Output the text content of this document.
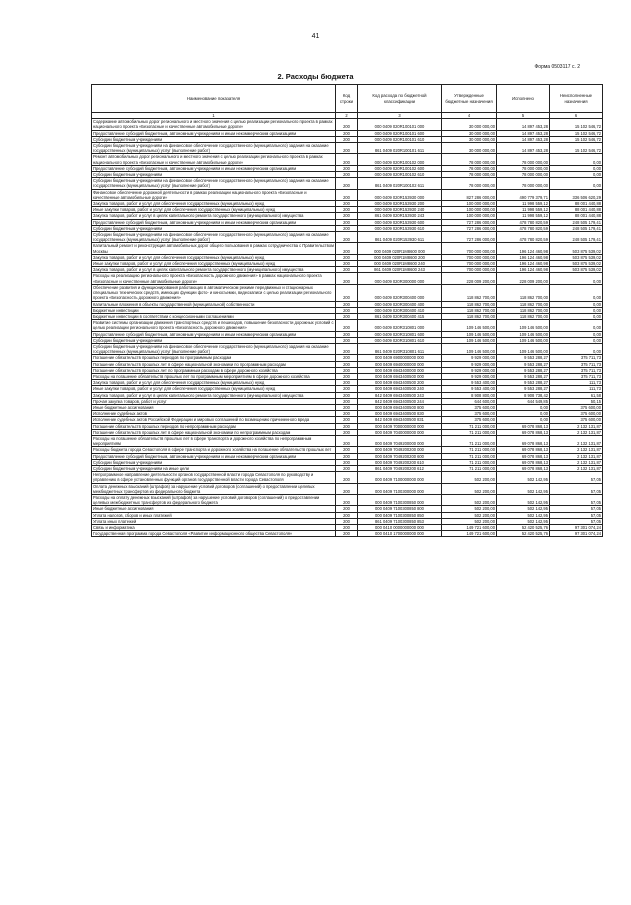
41
Форма 0503117 с. 2
2. Расходы бюджета
Наименование показателя	Код строки	Код расхода по бюджетной классификации	Утвержденные бюджетные назначения	Исполнено	Неисполненные назначения
1	2	3	4	5	6
Содержание автомобильных дорог регионального и местного значения с целью реализации регионального проекта в рамках национального проекта «Безопасные и качественные автомобильные дороги»	200	000 0409 020R100101 000	30 000 000,00	14 897 453,28	15 102 546,72
Предоставление субсидий бюджетным, автономным учреждениям и иным некоммерческим организациям	200	000 0409 020R100101 600	30 000 000,00	14 897 453,28	15 102 546,72
Субсидии бюджетным учреждениям	200	000 0409 020R100101 610	30 000 000,00	14 897 453,28	15 102 546,72
Субсидии бюджетным учреждениям на финансовое обеспечение государственного (муниципального) задания на оказание государственных (муниципальных) услуг (выполнение работ)	200	861 0409 020R100101 611	30 000 000,00	14 897 453,28	15 102 546,72
Ремонт автомобильных дорог регионального и местного значения с целью реализации регионального проекта в рамках национального проекта «Безопасные и качественные автомобильные дороги»	200	000 0409 020R100102 000	78 000 000,00	78 000 000,00	0,00
Предоставление субсидий бюджетным, автономным учреждениям и иным некоммерческим организациям	200	000 0409 020R100102 600	78 000 000,00	78 000 000,00	0,00
Субсидии бюджетным учреждениям	200	000 0409 020R100102 610	78 000 000,00	78 000 000,00	0,00
Субсидии бюджетным учреждениям на финансовое обеспечение государственного (муниципального) задания на оказание государственных (муниципальных) услуг (выполнение работ)	200	861 0409 020R100102 611	78 000 000,00	78 000 000,00	0,00
Финансовое обеспечение дорожной деятельности в рамках реализации национального проекта «Безопасные и качественные автомобильные дороги»	200	000 0409 020R153930 000	827 286 000,00	490 779 379,71	336 506 620,29
Закупка товаров, работ и услуг для обеспечения государственных (муниципальных) нужд	200	000 0409 020R153930 200	100 000 000,00	11 998 559,12	88 001 440,88
Иные закупки товаров, работ и услуг для обеспечения государственных (муниципальных) нужд	200	000 0409 020R153930 240	100 000 000,00	11 998 559,12	88 001 440,88
Закупка товаров, работ и услуг в целях капитального ремонта государственного (муниципального) имущества	200	861 0409 020R153930 243	100 000 000,00	11 998 559,12	88 001 440,88
Предоставление субсидий бюджетным, автономным учреждениям и иным некоммерческим организациям	200	000 0409 020R153930 600	727 286 000,00	478 780 820,59	248 505 179,41
Субсидии бюджетным учреждениям	200	000 0409 020R153930 610	727 286 000,00	478 780 820,59	248 505 179,41
Субсидии бюджетным учреждениям на финансовое обеспечение государственного (муниципального) задания на оказание государственных (муниципальных) услуг (выполнение работ)	200	861 0409 020R153930 611	727 286 000,00	478 780 820,59	248 505 179,41
Капитальный ремонт и реконструкция автомобильных дорог общего пользования в рамках сотрудничества с Правительством Москвы	200	000 0409 020R1M8600 000	700 000 000,00	196 124 460,98	503 875 539,02
Закупка товаров, работ и услуг для обеспечения государственных (муниципальных) нужд	200	000 0409 020R1M8600 200	700 000 000,00	196 124 460,98	503 875 539,02
Иные закупки товаров, работ и услуг для обеспечения государственных (муниципальных) нужд	200	000 0409 020R1M8600 240	700 000 000,00	196 124 460,98	503 875 539,02
Закупка товаров, работ и услуг в целях капитального ремонта государственного (муниципального) имущества	200	861 0409 020R1M8600 243	700 000 000,00	196 124 460,98	503 875 539,02
Расходы на реализацию регионального проекта «Безопасность дорожного движения» в рамках национального проекта «Безопасные и качественные автомобильные дороги»	200	000 0409 020R300000 000	228 009 200,00	228 009 200,00	0,00
Обеспечение развития и функционирования работающих в автоматическом режиме передвижных и стационарных специальных технических средств, имеющих функции фото- и киносъемки, видеозаписи с целью реализации регионального проекта «Безопасность дорожного движения»	200	000 0409 020R300400 000	118 862 700,00	118 862 700,00	0,00
Капитальные вложения в объекты государственной (муниципальной) собственности	200	000 0409 020R300400 400	118 862 700,00	118 862 700,00	0,00
Бюджетные инвестиции	200	000 0409 020R300400 410	118 862 700,00	118 862 700,00	0,00
Бюджетные инвестиции в соответствии с концессионными соглашениями	200	861 0409 020R300400 415	118 862 700,00	118 862 700,00	0,00
Развитие системы организации движения транспортных средств и пешеходов, повышение безопасности дорожных условий с целью реализации регионального проекта «Безопасность дорожного движения»	200	000 0409 020R310801 000	109 146 500,00	109 146 500,00	0,00
Предоставление субсидий бюджетным, автономным учреждениям и иным некоммерческим организациям	200	000 0409 020R310801 600	109 146 500,00	109 146 500,00	0,00
Субсидии бюджетным учреждениям	200	000 0409 020R310801 610	109 146 500,00	109 146 500,00	0,00
Субсидии бюджетным учреждениям на финансовое обеспечение государственного (муниципального) задания на оказание государственных (муниципальных) услуг (выполнение работ)	200	861 0409 020R310801 611	109 146 500,00	109 146 500,00	0,00
Погашение обязательств прошлых периодов по программным расходам	200	000 0409 6900000000 000	9 929 000,00	9 553 288,27	375 711,73
Погашение обязательств прошлых лет в сфере национальной экономики по программным расходам	200	000 0409 6940000000 000	9 929 000,00	9 553 288,27	375 711,73
Погашение обязательств прошлых лет по программным расходам в сфере дорожного хозяйства	200	000 0409 6943400000 000	9 929 000,00	9 553 288,27	375 711,73
Расходы на погашение обязательств прошлых лет по программным мероприятиям в сфере дорожного хозяйства	200	000 0409 6943400500 000	9 929 000,00	9 553 288,27	375 711,73
Закупка товаров, работ и услуг для обеспечения государственных (муниципальных) нужд	200	000 0409 6943400500 200	9 553 400,00	9 553 288,27	111,73
Иные закупки товаров, работ и услуг для обеспечения государственных (муниципальных) нужд	200	000 0409 6943400500 240	9 553 400,00	9 553 288,27	111,73
Закупка товаров, работ и услуг в целях капитального ремонта государственного (муниципального) имущества	200	842 0409 6943400500 243	8 908 800,00	8 908 738,42	61,58
Прочая закупка товаров, работ и услуг	200	842 0409 6943400500 244	644 600,00	644 549,85	50,15
Иные бюджетные ассигнования	200	000 0409 6943400500 800	375 600,00	0,00	375 600,00
Исполнение судебных актов	200	000 0409 6943400500 830	375 600,00	0,00	375 600,00
Исполнение судебных актов Российской Федерации и мировых соглашений по возмещению причиненного вреда	200	842 0409 6943400500 831	375 600,00	0,00	375 600,00
Погашение обязательств прошлых периодов по непрограммным расходам	200	000 0409 7000000000 000	71 211 000,00	69 078 868,13	2 132 131,87
Погашение обязательств прошлых лет в сфере национальной экономики по непрограммным расходам	200	000 0409 7040000000 000	71 211 000,00	69 078 868,13	2 132 131,87
Расходы на погашение обязательств прошлых лет в сфере транспорта и дорожного хозяйства по непрограммным мероприятиям	200	000 0409 7049200000 000	71 211 000,00	69 078 868,13	2 132 131,87
Расходы бюджета города Севастополя в сфере транспорта и дорожного хозяйства на погашение обязательств прошлых лет	200	000 0409 7049200200 000	71 211 000,00	69 078 868,13	2 132 131,87
Предоставление субсидий бюджетным, автономным учреждениям и иным некоммерческим организациям	200	000 0409 7049200200 600	71 211 000,00	69 078 868,13	2 132 131,87
Субсидии бюджетным учреждениям	200	000 0409 7049200200 610	71 211 000,00	69 078 868,13	2 132 131,87
Субсидии бюджетным учреждениям на иные цели	200	861 0409 7049200200 612	71 211 000,00	69 078 868,13	2 132 131,87
Непрограммное направление деятельности органов государственной власти города Севастополя по руководству и управлению в сфере установленных функций органов государственной власти города Севастополя	200	000 0409 7100000000 000	502 200,00	502 142,95	57,05
Оплата денежных взысканий (штрафов) за нарушение условий договоров (соглашений) о предоставлении целевых межбюджетных трансфертов из федерального бюджета	200	000 0409 7100300000 000	502 200,00	502 142,95	57,05
Расходы на оплату денежных взысканий (штрафов) за нарушение условий договоров (соглашений) о предоставлении целевых межбюджетных трансфертов из федерального бюджета	200	000 0409 7100300850 000	502 200,00	502 142,95	57,05
Иные бюджетные ассигнования	200	000 0409 7100300850 800	502 200,00	502 142,95	57,05
Уплата налогов, сборов и иных платежей	200	000 0409 7100300850 850	502 200,00	502 142,95	57,05
Уплата иных платежей	200	861 0409 7100300850 853	502 200,00	502 142,95	57,05
Связь и информатика	200	000 0410 0000000000 000	149 721 600,00	52 420 525,76	97 301 074,24
Государственная программа города Севастополя «Развитие информационного общества Севастополя»	200	000 0410 1700000000 000	149 721 600,00	52 420 525,76	97 301 074,24
